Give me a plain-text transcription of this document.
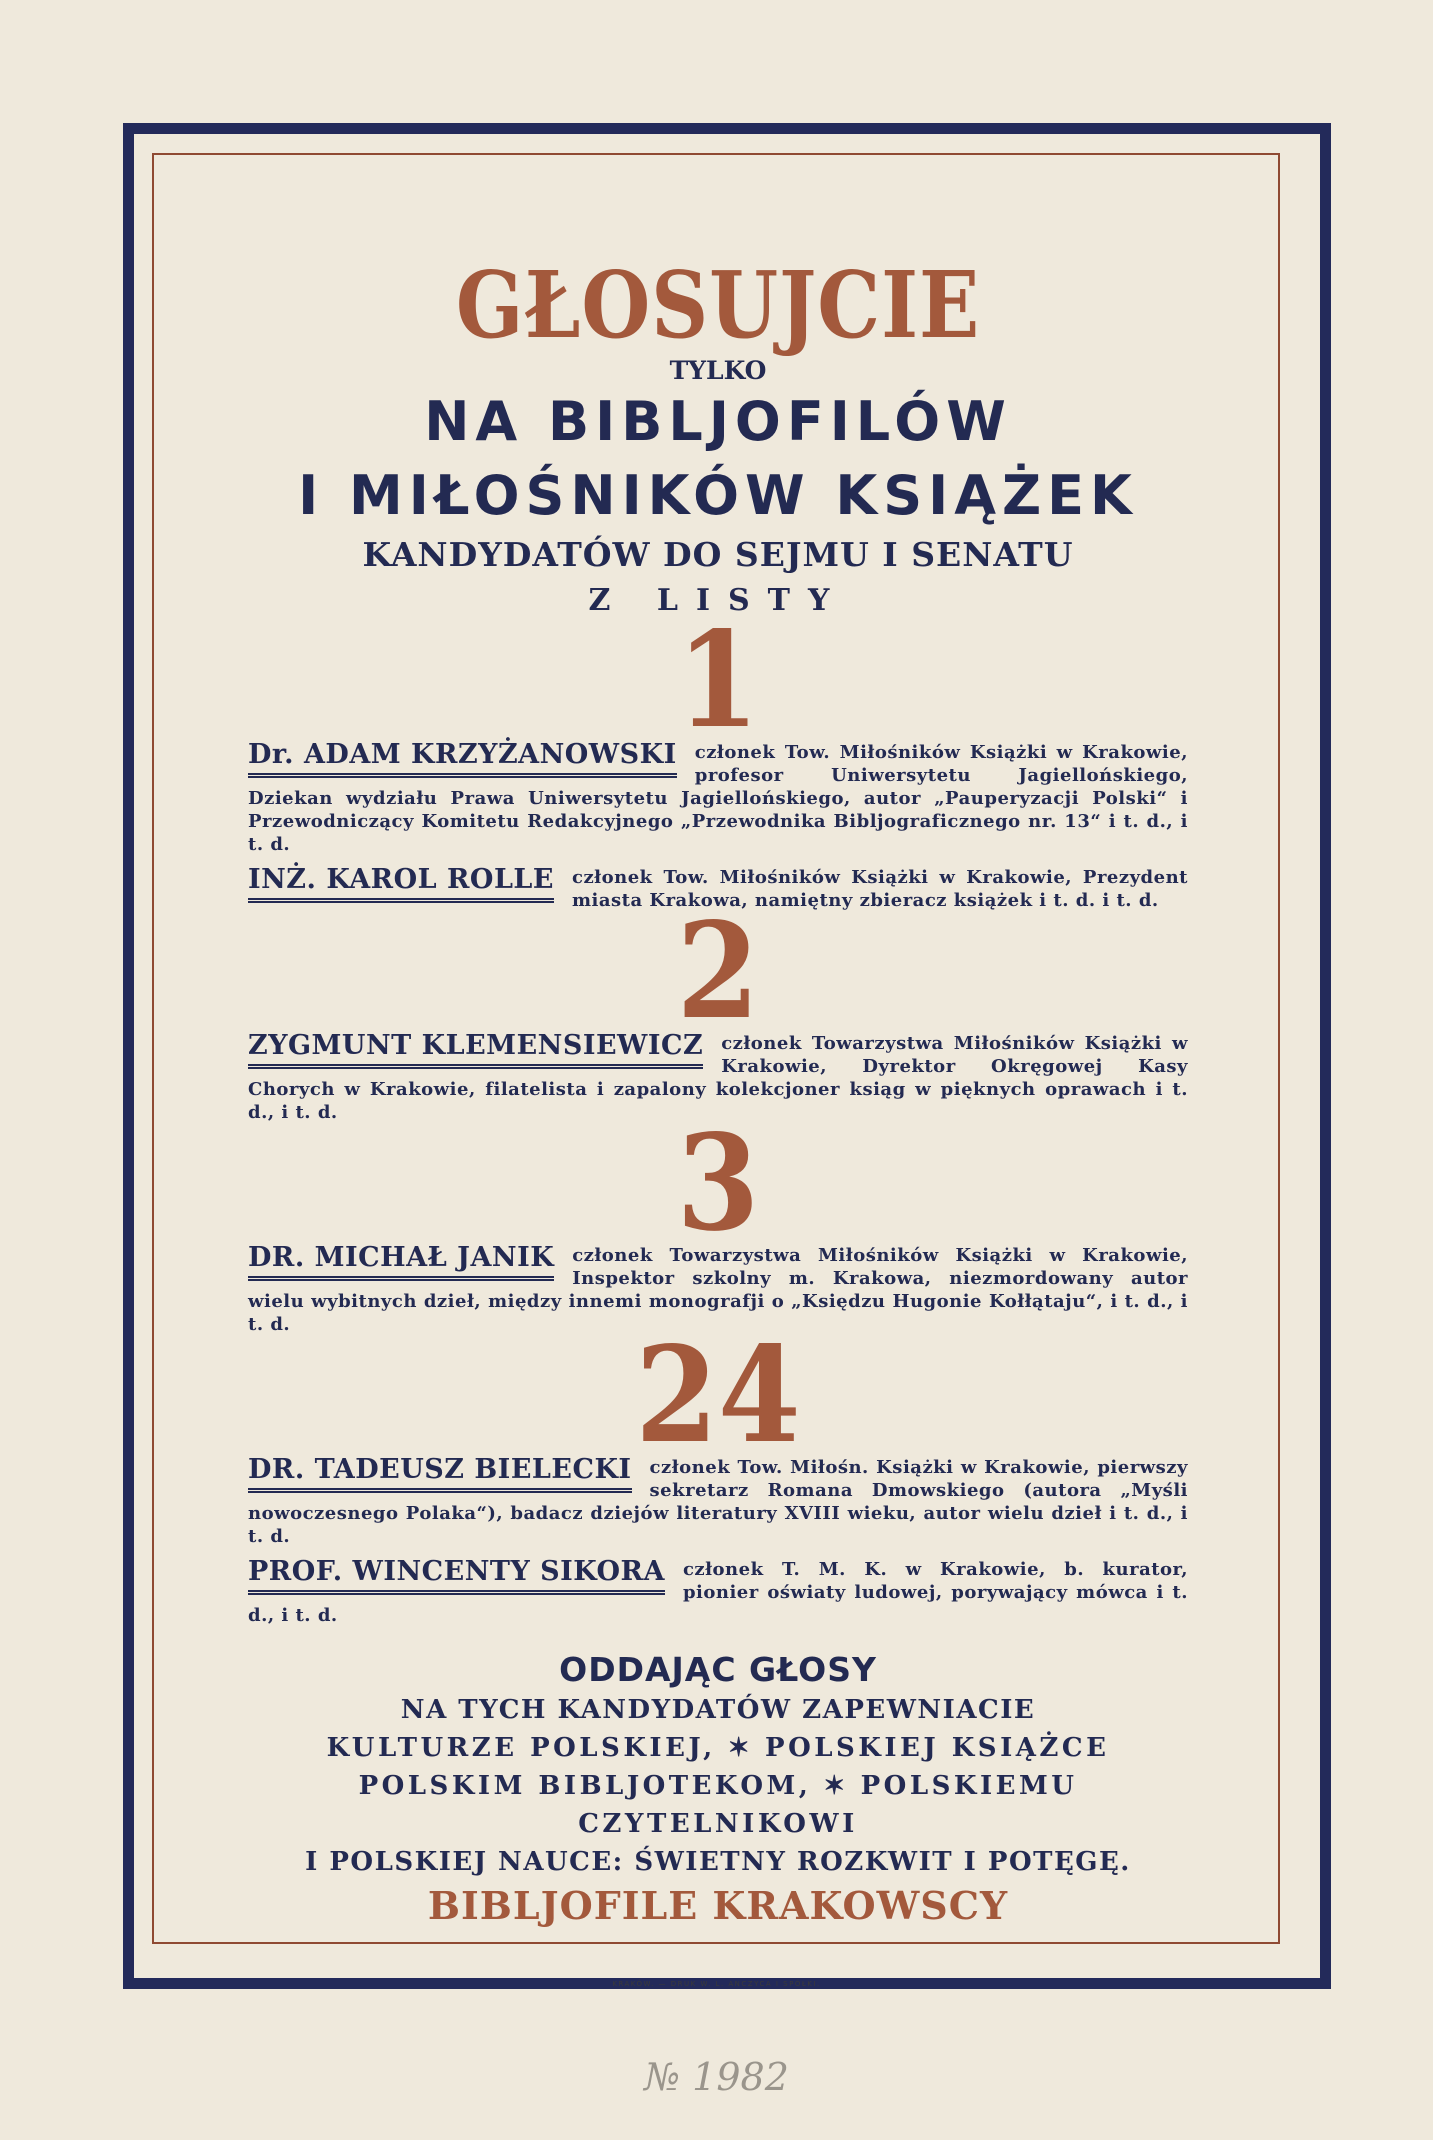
GŁOSUJCIE
TYLKO
NA BIBLJOFILÓW
I MIŁOŚNIKÓW KSIĄŻEK
KANDYDATÓW DO SEJMU I SENATU
Z LISTY
1
Dr. ADAM KRZYŻANOWSKI członek Tow. Miłośników Książki w Krakowie, profesor Uniwersytetu Jagiellońskiego, Dziekan wydziału Prawa Uniwersytetu Jagiellońskiego, autor „Pauperyzacji Polski“ i Przewodniczący Komitetu Redakcyjnego „Przewodnika Bibljograficznego nr. 13“ i t. d., i t. d.
INŻ. KAROL ROLLE członek Tow. Miłośników Książki w Krakowie, Prezydent miasta Krakowa, namiętny zbieracz książek i t. d. i t. d.
2
ZYGMUNT KLEMENSIEWICZ członek Towarzystwa Miłośników Książki w Krakowie, Dyrektor Okręgowej Kasy Chorych w Krakowie, filatelista i zapalony kolekcjoner ksiąg w pięknych oprawach i t. d., i t. d.	3
DR. MICHAŁ JANIK członek Towarzystwa Miłośników Książki w Krakowie, Inspektor szkolny m. Krakowa, niezmordowany autor wielu wybitnych dzieł, między innemi monografji o „Księdzu Hugonie Kołłątaju“, i t. d., i t. d.	24
DR. TADEUSZ BIELECKI członek Tow. Miłośn. Książki w Krakowie, pierwszy sekretarz Romana Dmowskiego (autora „Myśli nowoczesnego Polaka“), badacz dziejów literatury XVIII wieku, autor wielu dzieł i t. d., i t. d.
PROF. WINCENTY SIKORA członek T. M. K. w Krakowie, b. kurator, pionier oświaty ludowej, porywający mówca i t. d., i t. d.
ODDAJĄC GŁOSY
NA TYCH KANDYDATÓW ZAPEWNIACIE
KULTURZE POLSKIEJ, ✶ POLSKIEJ KSIĄŻCE
POLSKIM BIBLJOTEKOM, ✶ POLSKIEMU CZYTELNIKOWI
I POLSKIEJ NAUCE: ŚWIETNY ROZKWIT I POTĘGĘ.
BIBLJOFILE KRAKOWSCY
KRAKÓW. — DRUK W. L. ANCZYCA I SPÓŁKI.
№ 1982
